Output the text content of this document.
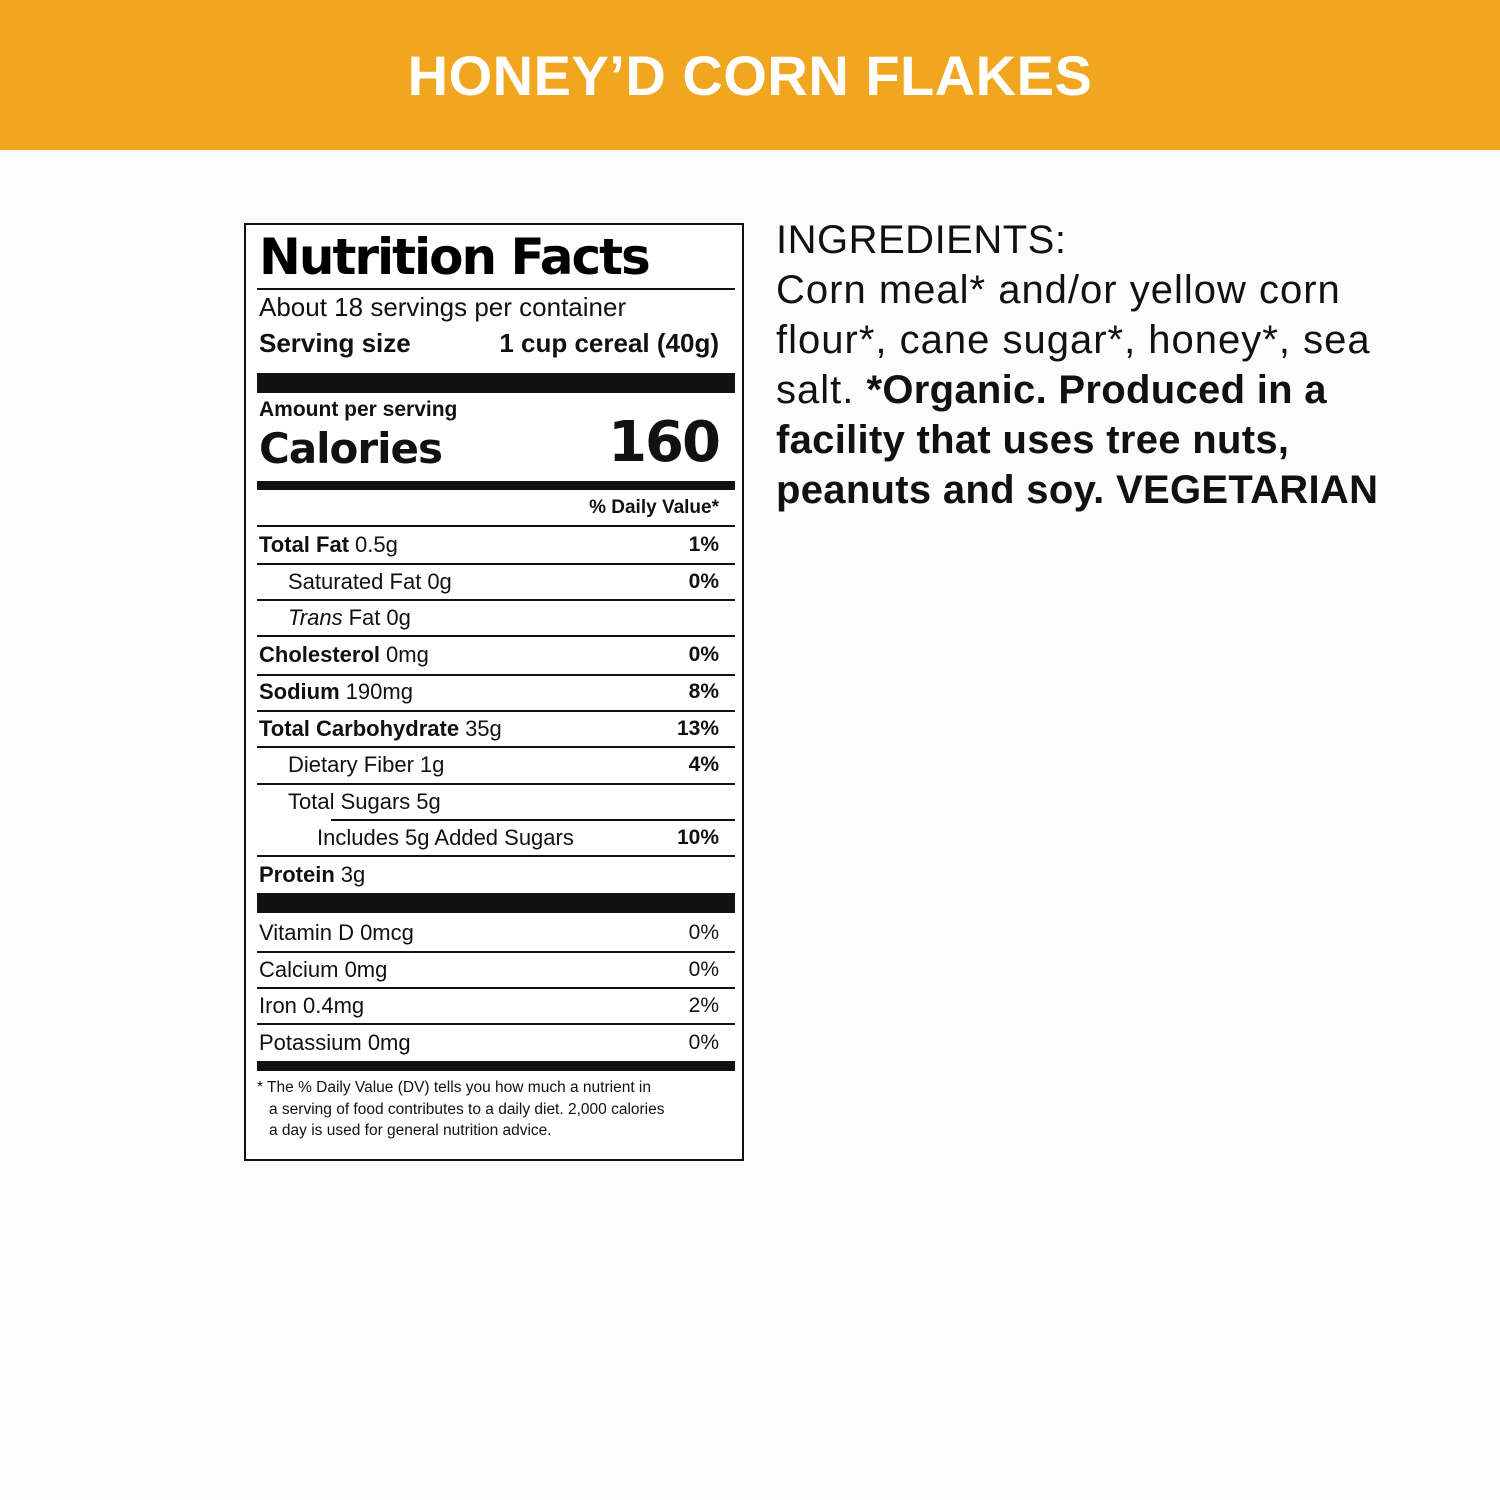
HONEY’D CORN FLAKES
Nutrition Facts
About 18 servings per container
Serving size	1 cup cereal (40g)
Amount per serving
Calories	160
% Daily Value*
Total Fat 0.5g	1%
Saturated Fat 0g	0%
Trans Fat 0g
Cholesterol 0mg	0%
Sodium 190mg	8%
Total Carbohydrate 35g	13%
Dietary Fiber 1g	4%
Total Sugars 5g
Includes 5g Added Sugars	10%
Protein 3g
Vitamin D 0mcg	0%
Calcium 0mg	0%
Iron 0.4mg	2%
Potassium 0mg	0%
* The % Daily Value (DV) tells you how much a nutrient in
a serving of food contributes to a daily diet. 2,000 calories
a day is used for general nutrition advice.
INGREDIENTS:
Corn meal* and/or yellow corn flour*, cane sugar*, honey*, sea salt. *Organic. Produced in a facility that uses tree nuts, peanuts and soy. VEGETARIAN
